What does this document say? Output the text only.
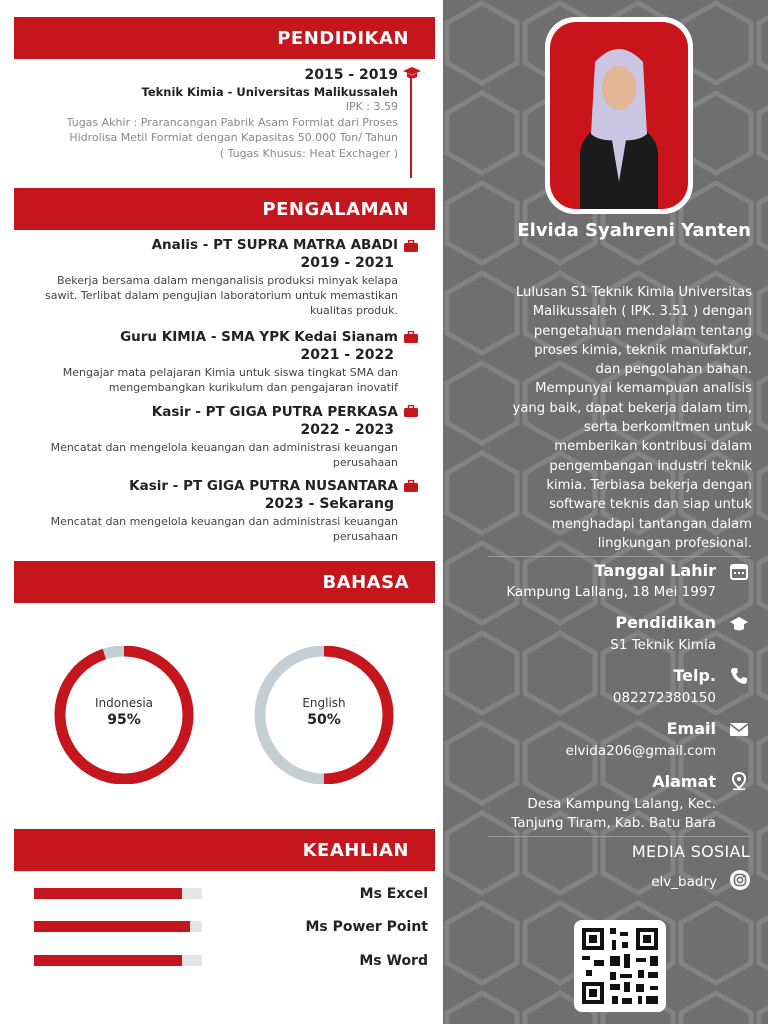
PENDIDIKAN
2015 - 2019
Teknik Kimia - Universitas Malikussaleh
IPK : 3.59
Tugas Akhir : Prarancangan Pabrik Asam Formiat dari Proses
Hidrolisa Metil Formiat dengan Kapasitas 50.000 Ton/ Tahun
( Tugas Khusus: Heat Exchager )
PENGALAMAN
Analis - PT SUPRA MATRA ABADI
2019 - 2021
Bekerja bersama dalam menganalisis produksi minyak kelapa
sawit. Terlibat dalam pengujian laboratorium untuk memastikan
kualitas produk.
Guru KIMIA - SMA YPK Kedai Sianam
2021 - 2022
Mengajar mata pelajaran Kimia untuk siswa tingkat SMA dan
mengembangkan kurikulum dan pengajaran inovatif
Kasir - PT GIGA PUTRA PERKASA
2022 - 2023
Mencatat dan mengelola keuangan dan administrasi keuangan
perusahaan
Kasir - PT GIGA PUTRA NUSANTARA
2023 - Sekarang
Mencatat dan mengelola keuangan dan administrasi keuangan
perusahaan
BAHASA
Indonesia
95%
English
50%
KEAHLIAN
Ms Excel
Ms Power Point
Ms Word
Elvida Syahreni Yanten
Lulusan S1 Teknik Kimia Universitas
Malikussaleh ( IPK. 3.51 ) dengan
pengetahuan mendalam tentang
proses kimia, teknik manufaktur,
dan pengolahan bahan.
Mempunyai kemampuan analisis
yang baik, dapat bekerja dalam tim,
serta berkomitmen untuk
memberikan kontribusi dalam
pengembangan industri teknik
kimia. Terbiasa bekerja dengan
software teknis dan siap untuk
menghadapi tantangan dalam
lingkungan profesional.
Tanggal Lahir
Kampung Lallang, 18 Mei 1997
Pendidikan
S1 Teknik Kimia
Telp.
082272380150
Email
elvida206@gmail.com
Alamat
Desa Kampung Lalang, Kec.
Tanjung Tiram, Kab. Batu Bara
MEDIA SOSIAL
elv_badry
